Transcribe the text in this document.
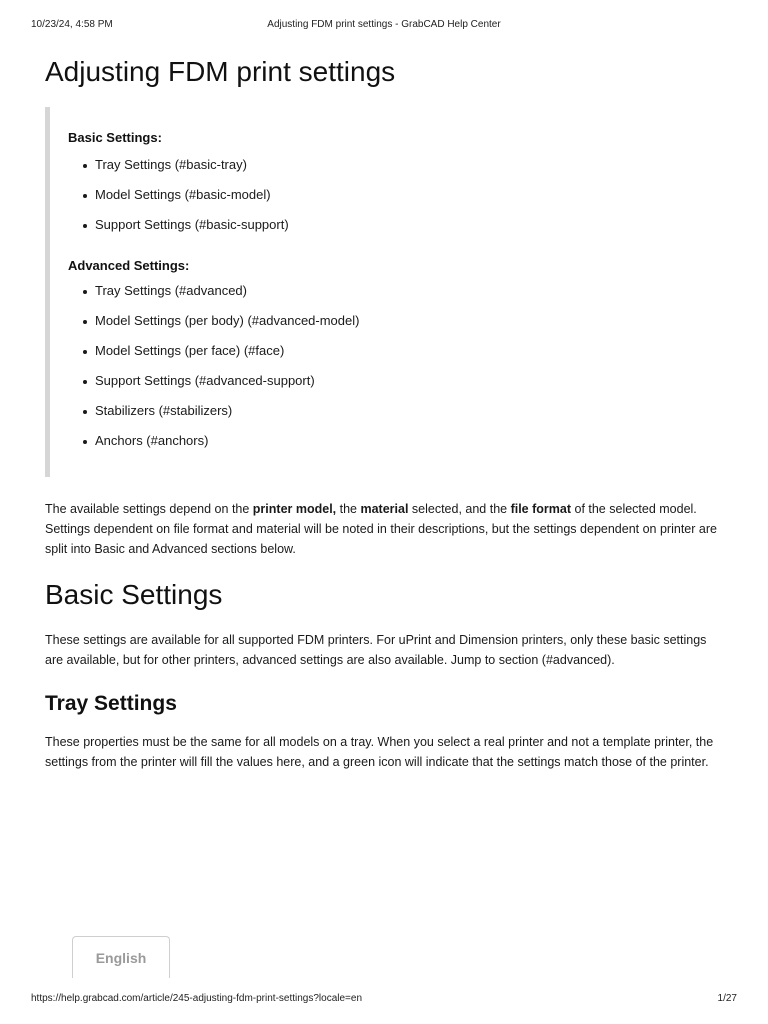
10/23/24, 4:58 PM	Adjusting FDM print settings - GrabCAD Help Center
Adjusting FDM print settings
Basic Settings:
Tray Settings (#basic-tray)
Model Settings (#basic-model)
Support Settings (#basic-support)
Advanced Settings:
Tray Settings (#advanced)
Model Settings (per body) (#advanced-model)
Model Settings (per face) (#face)
Support Settings (#advanced-support)
Stabilizers (#stabilizers)
Anchors (#anchors)

The available settings depend on the printer model, the material selected, and the file format of the selected model. Settings dependent on file format and material will be noted in their descriptions, but the settings dependent on printer are split into Basic and Advanced sections below.

Basic Settings

These settings are available for all supported FDM printers. For uPrint and Dimension printers, only these basic settings are available, but for other printers, advanced settings are also available. Jump to section (#advanced).

Tray Settings

These properties must be the same for all models on a tray. When you select a real printer and not a template printer, the settings from the printer will fill the values here, and a green icon will indicate that the settings match those of the printer.

English
https://help.grabcad.com/article/245-adjusting-fdm-print-settings?locale=en	1/27
